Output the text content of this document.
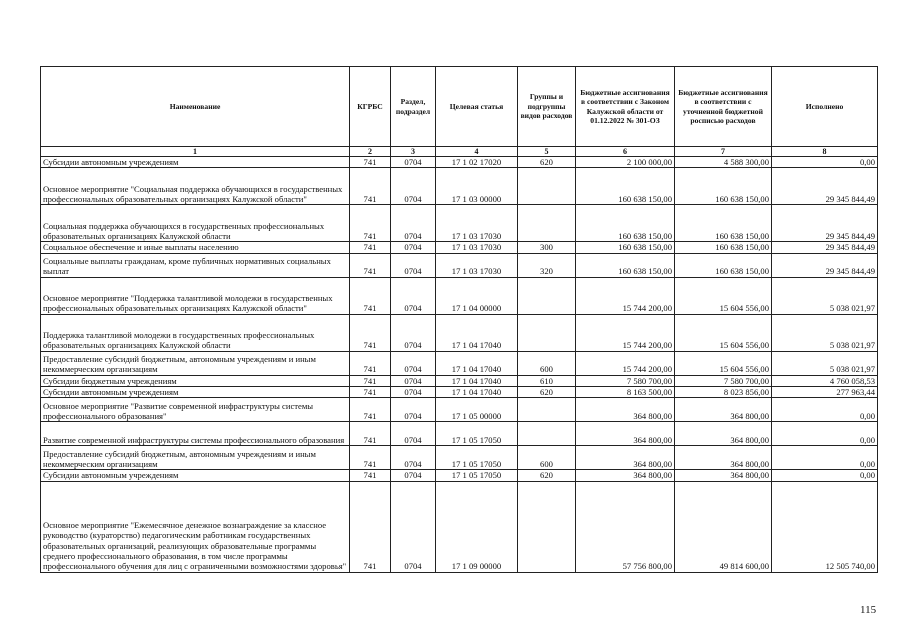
Наименование	КГРБС	Раздел, подраздел	Целевая статья	Группы и подгруппы видов расходов	Бюджетные ассигнования в соответствии с Законом Калужской области от 01.12.2022 № 301-ОЗ	Бюджетные ассигнования в соответствии с уточненной бюджетной росписью расходов	Исполнено
1	2	3	4	5	6	7	8
Субсидии автономным учреждениям	741	0704	17 1 02 17020	620	2 100 000,00	4 588 300,00	0,00
Основное мероприятие "Социальная поддержка обучающихся в государственных профессиональных образовательных организациях Калужской области"	741	0704	17 1 03 00000		160 638 150,00	160 638 150,00	29 345 844,49
Социальная поддержка обучающихся в государственных профессиональных образовательных организациях Калужской области	741	0704	17 1 03 17030		160 638 150,00	160 638 150,00	29 345 844,49
Социальное обеспечение и иные выплаты населению	741	0704	17 1 03 17030	300	160 638 150,00	160 638 150,00	29 345 844,49
Социальные выплаты гражданам, кроме публичных нормативных социальных выплат	741	0704	17 1 03 17030	320	160 638 150,00	160 638 150,00	29 345 844,49
Основное мероприятие "Поддержка талантливой молодежи в государственных профессиональных образовательных организациях Калужской области"	741	0704	17 1 04 00000		15 744 200,00	15 604 556,00	5 038 021,97
Поддержка талантливой молодежи в государственных профессиональных образовательных организациях Калужской области	741	0704	17 1 04 17040		15 744 200,00	15 604 556,00	5 038 021,97
Предоставление субсидий бюджетным, автономным учреждениям и иным некоммерческим организациям	741	0704	17 1 04 17040	600	15 744 200,00	15 604 556,00	5 038 021,97
Субсидии бюджетным учреждениям	741	0704	17 1 04 17040	610	7 580 700,00	7 580 700,00	4 760 058,53
Субсидии автономным учреждениям	741	0704	17 1 04 17040	620	8 163 500,00	8 023 856,00	277 963,44
Основное мероприятие "Развитие современной инфраструктуры системы профессионального образования"	741	0704	17 1 05 00000		364 800,00	364 800,00	0,00
Развитие современной инфраструктуры системы профессионального образования	741	0704	17 1 05 17050		364 800,00	364 800,00	0,00
Предоставление субсидий бюджетным, автономным учреждениям и иным некоммерческим организациям	741	0704	17 1 05 17050	600	364 800,00	364 800,00	0,00
Субсидии автономным учреждениям	741	0704	17 1 05 17050	620	364 800,00	364 800,00	0,00
Основное мероприятие "Ежемесячное денежное вознаграждение за классное руководство (кураторство) педагогическим работникам государственных образовательных организаций, реализующих образовательные программы среднего профессионального образования, в том числе программы профессионального обучения для лиц с ограниченными возможностями здоровья"	741	0704	17 1 09 00000		57 756 800,00	49 814 600,00	12 505 740,00
115
